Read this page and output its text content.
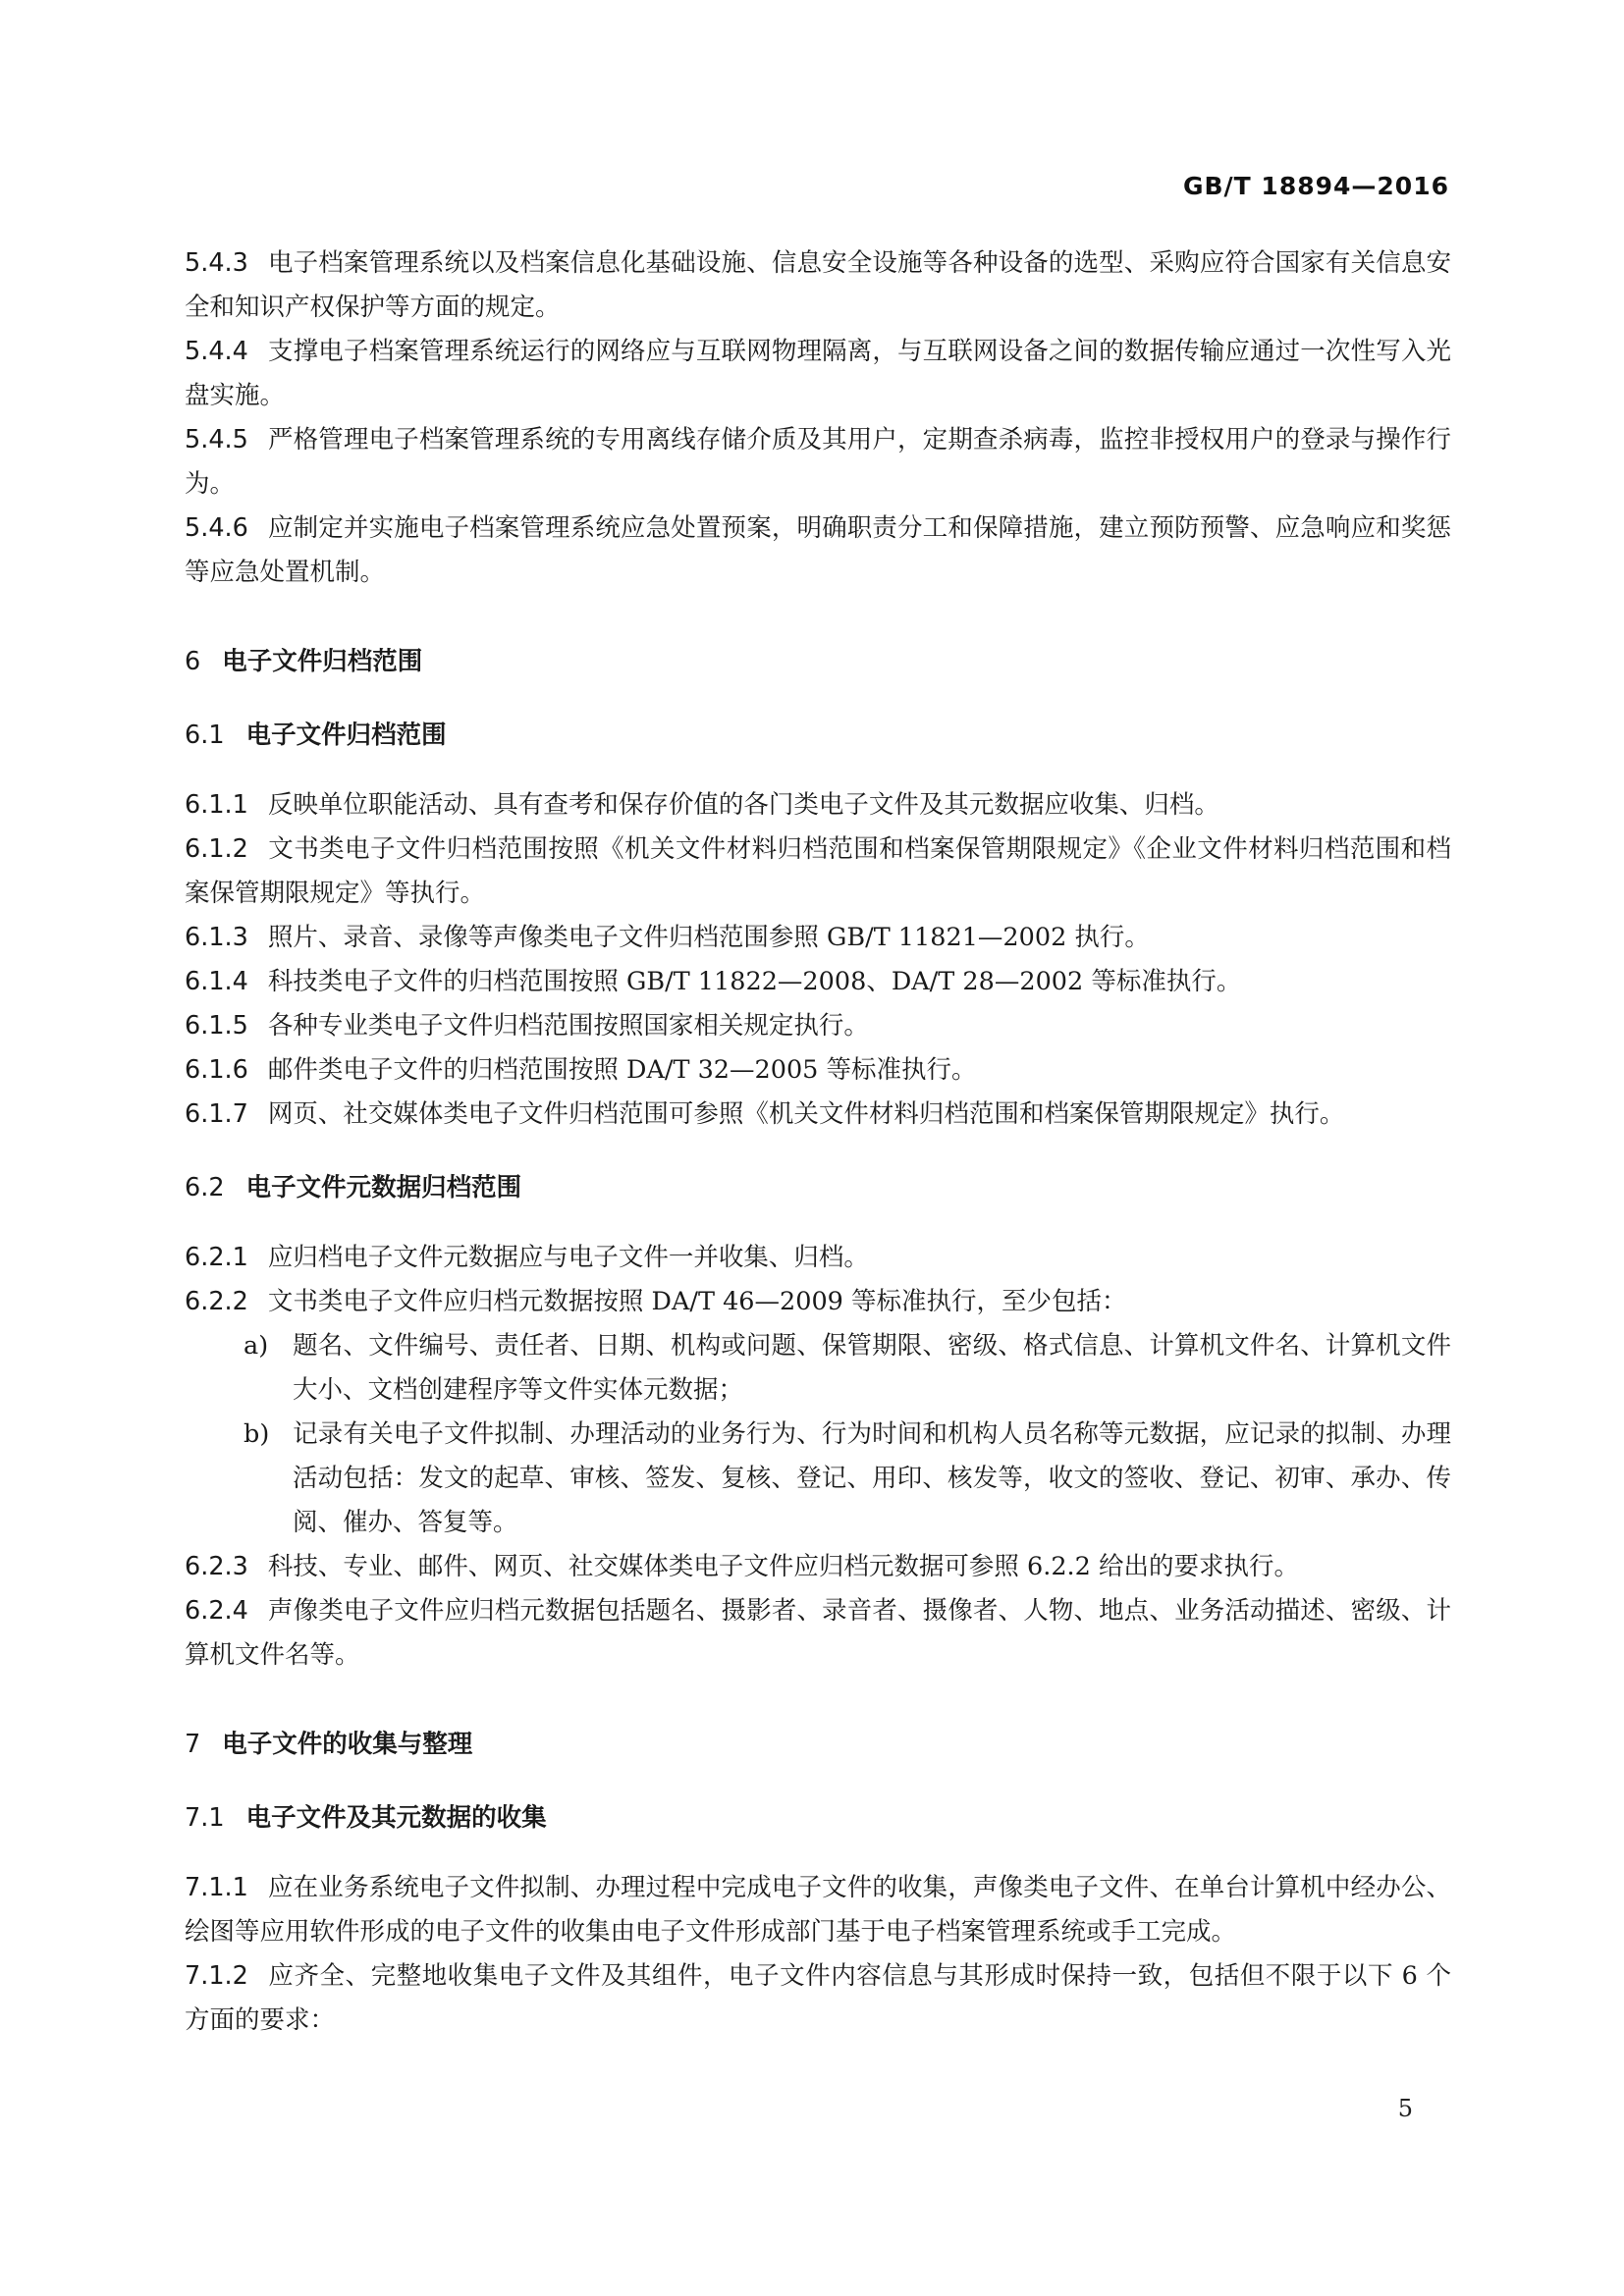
GB/T 18894—2016

5.4.3 电子档案管理系统以及档案信息化基础设施、信息安全设施等各种设备的选型、采购应符合国家有关信息安全和知识产权保护等方面的规定。

5.4.4 支撑电子档案管理系统运行的网络应与互联网物理隔离，与互联网设备之间的数据传输应通过一次性写入光盘实施。

5.4.5 严格管理电子档案管理系统的专用离线存储介质及其用户，定期查杀病毒，监控非授权用户的登录与操作行为。

5.4.6 应制定并实施电子档案管理系统应急处置预案，明确职责分工和保障措施，建立预防预警、应急响应和奖惩等应急处置机制。

6 电子文件归档范围

6.1 电子文件归档范围

6.1.1 反映单位职能活动、具有查考和保存价值的各门类电子文件及其元数据应收集、归档。

6.1.2 文书类电子文件归档范围按照《机关文件材料归档范围和档案保管期限规定》《企业文件材料归档范围和档案保管期限规定》等执行。

6.1.3 照片、录音、录像等声像类电子文件归档范围参照 GB/T 11821—2002 执行。

6.1.4 科技类电子文件的归档范围按照 GB/T 11822—2008、DA/T 28—2002 等标准执行。

6.1.5 各种专业类电子文件归档范围按照国家相关规定执行。

6.1.6 邮件类电子文件的归档范围按照 DA/T 32—2005 等标准执行。

6.1.7 网页、社交媒体类电子文件归档范围可参照《机关文件材料归档范围和档案保管期限规定》执行。

6.2 电子文件元数据归档范围

6.2.1 应归档电子文件元数据应与电子文件一并收集、归档。

6.2.2 文书类电子文件应归档元数据按照 DA/T 46—2009 等标准执行，至少包括：

a) 题名、文件编号、责任者、日期、机构或问题、保管期限、密级、格式信息、计算机文件名、计算机文件大小、文档创建程序等文件实体元数据；

b) 记录有关电子文件拟制、办理活动的业务行为、行为时间和机构人员名称等元数据，应记录的拟制、办理活动包括：发文的起草、审核、签发、复核、登记、用印、核发等，收文的签收、登记、初审、承办、传阅、催办、答复等。

6.2.3 科技、专业、邮件、网页、社交媒体类电子文件应归档元数据可参照 6.2.2 给出的要求执行。

6.2.4 声像类电子文件应归档元数据包括题名、摄影者、录音者、摄像者、人物、地点、业务活动描述、密级、计算机文件名等。

7 电子文件的收集与整理

7.1 电子文件及其元数据的收集

7.1.1 应在业务系统电子文件拟制、办理过程中完成电子文件的收集，声像类电子文件、在单台计算机中经办公、绘图等应用软件形成的电子文件的收集由电子文件形成部门基于电子档案管理系统或手工完成。

7.1.2 应齐全、完整地收集电子文件及其组件，电子文件内容信息与其形成时保持一致，包括但不限于以下 6 个方面的要求：

5
